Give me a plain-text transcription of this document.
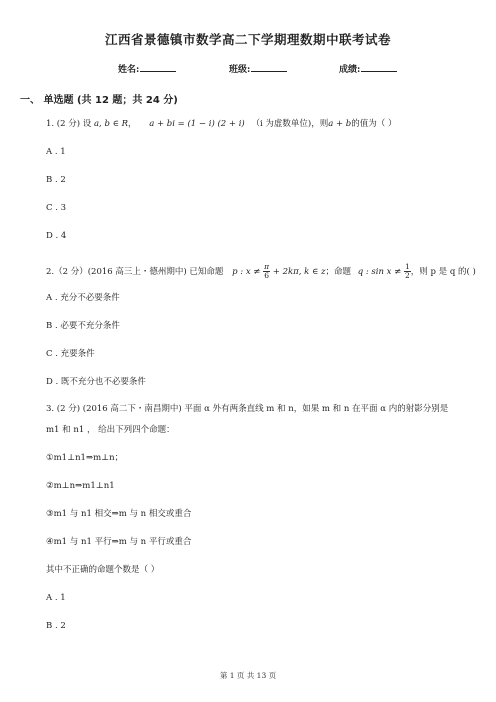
江西省景德镇市数学高二下学期理数期中联考试卷
姓名:	班级:	成绩:
一、 单选题 (共 12 题；共 24 分)
1. (2 分) 设 a, b ∈ R， a + bi = (1 − i) (2 + i) （i 为虚数单位)，则a + b的值为（ ）
A . 1
B . 2
C . 3
D . 4
2.（2 分）(2016 高三上・德州期中) 已知命题 p : $x \ne \frac{\pi}{6} + 2k\pi$, k ∈ z；命题 q : $\sin x \ne \frac{1}{2}$ ，则 p 是 q 的( )
A . 充分不必要条件
B . 必要不充分条件
C . 充要条件
D . 既不充分也不必要条件
3. (2 分) (2016 高二下・南昌期中) 平面 α 外有两条直线 m 和 n，如果 m 和 n 在平面 α 内的射影分别是
m1 和 n1 ， 给出下列四个命题：
①m1⊥n1⇒m⊥n；
②m⊥n⇒m1⊥n1
③m1 与 n1 相交⇒m 与 n 相交或重合
④m1 与 n1 平行⇒m 与 n 平行或重合
其中不正确的命题个数是（ ）
A . 1
B . 2
第 1 页 共 13 页
